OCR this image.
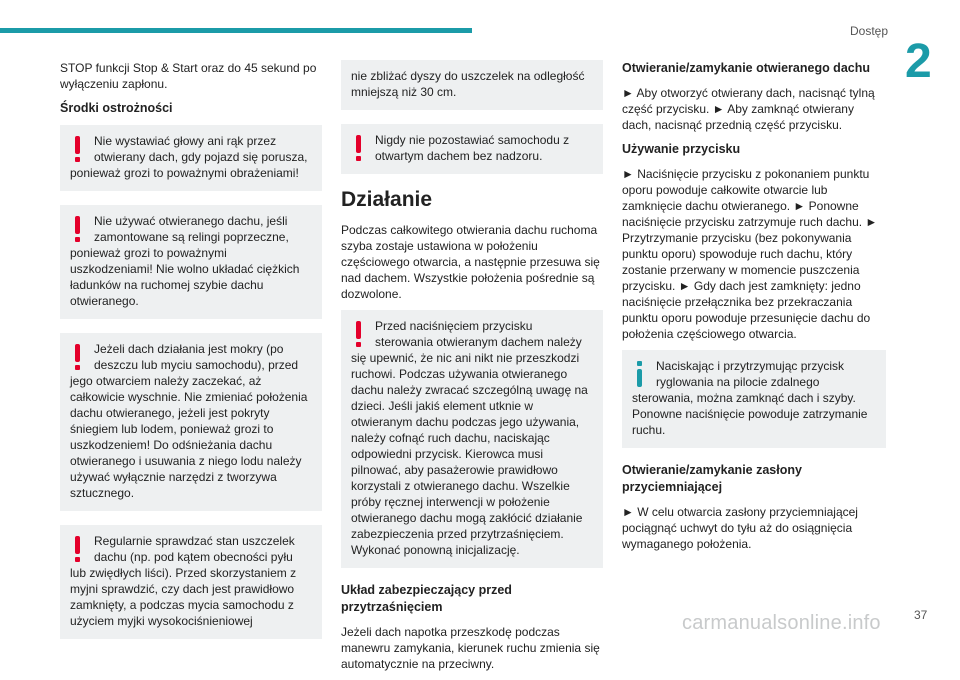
Dostęp
2

STOP funkcji Stop & Start oraz do 45 sekund po wyłączeniu zapłonu.

Środki ostrożności

Nie wystawiać głowy ani rąk przez otwierany dach, gdy pojazd się porusza, ponieważ grozi to poważnymi obrażeniami!

Nie używać otwieranego dachu, jeśli zamontowane są relingi poprzeczne, ponieważ grozi to poważnymi uszkodzeniami! Nie wolno układać ciężkich ładunków na ruchomej szybie dachu otwieranego.

Jeżeli dach działania jest mokry (po deszczu lub myciu samochodu), przed jego otwarciem należy zaczekać, aż całkowicie wyschnie. Nie zmieniać położenia dachu otwieranego, jeżeli jest pokryty śniegiem lub lodem, ponieważ grozi to uszkodzeniem! Do odśnieżania dachu otwieranego i usuwania z niego lodu należy używać wyłącznie narzędzi z tworzywa sztucznego.

Regularnie sprawdzać stan uszczelek dachu (np. pod kątem obecności pyłu lub zwiędłych liści). Przed skorzystaniem z myjni sprawdzić, czy dach jest prawidłowo zamknięty, a podczas mycia samochodu z użyciem myjki wysokociśnieniowej

nie zbliżać dyszy do uszczelek na odległość mniejszą niż 30 cm.

Nigdy nie pozostawiać samochodu z otwartym dachem bez nadzoru.

Działanie

Podczas całkowitego otwierania dachu ruchoma szyba zostaje ustawiona w położeniu częściowego otwarcia, a następnie przesuwa się nad dachem. Wszystkie położenia pośrednie są dozwolone.

Przed naciśnięciem przycisku sterowania otwieranym dachem należy się upewnić, że nic ani nikt nie przeszkodzi ruchowi. Podczas używania otwieranego dachu należy zwracać szczególną uwagę na dzieci. Jeśli jakiś element utknie w otwieranym dachu podczas jego używania, należy cofnąć ruch dachu, naciskając odpowiedni przycisk. Kierowca musi pilnować, aby pasażerowie prawidłowo korzystali z otwieranego dachu. Wszelkie próby ręcznej interwencji w położenie otwieranego dachu mogą zakłócić działanie zabezpieczenia przed przytrzaśnięciem. Wykonać ponowną inicjalizację.

Układ zabezpieczający przed przytrzaśnięciem

Jeżeli dach napotka przeszkodę podczas manewru zamykania, kierunek ruchu zmienia się automatycznie na przeciwny.

Otwieranie/zamykanie otwieranego dachu

► Aby otworzyć otwierany dach, nacisnąć tylną część przycisku. ► Aby zamknąć otwierany dach, nacisnąć przednią część przycisku.

Używanie przycisku

► Naciśnięcie przycisku z pokonaniem punktu oporu powoduje całkowite otwarcie lub zamknięcie dachu otwieranego. ► Ponowne naciśnięcie przycisku zatrzymuje ruch dachu. ► Przytrzymanie przycisku (bez pokonywania punktu oporu) spowoduje ruch dachu, który zostanie przerwany w momencie puszczenia przycisku. ► Gdy dach jest zamknięty: jedno naciśnięcie przełącznika bez przekraczania punktu oporu powoduje przesunięcie dachu do położenia częściowego otwarcia.

Naciskając i przytrzymując przycisk ryglowania na pilocie zdalnego sterowania, można zamknąć dach i szyby. Ponowne naciśnięcie powoduje zatrzymanie ruchu.

Otwieranie/zamykanie zasłony przyciemniającej

► W celu otwarcia zasłony przyciemniającej pociągnąć uchwyt do tyłu aż do osiągnięcia wymaganego położenia.

carmanualsonline.info	37
